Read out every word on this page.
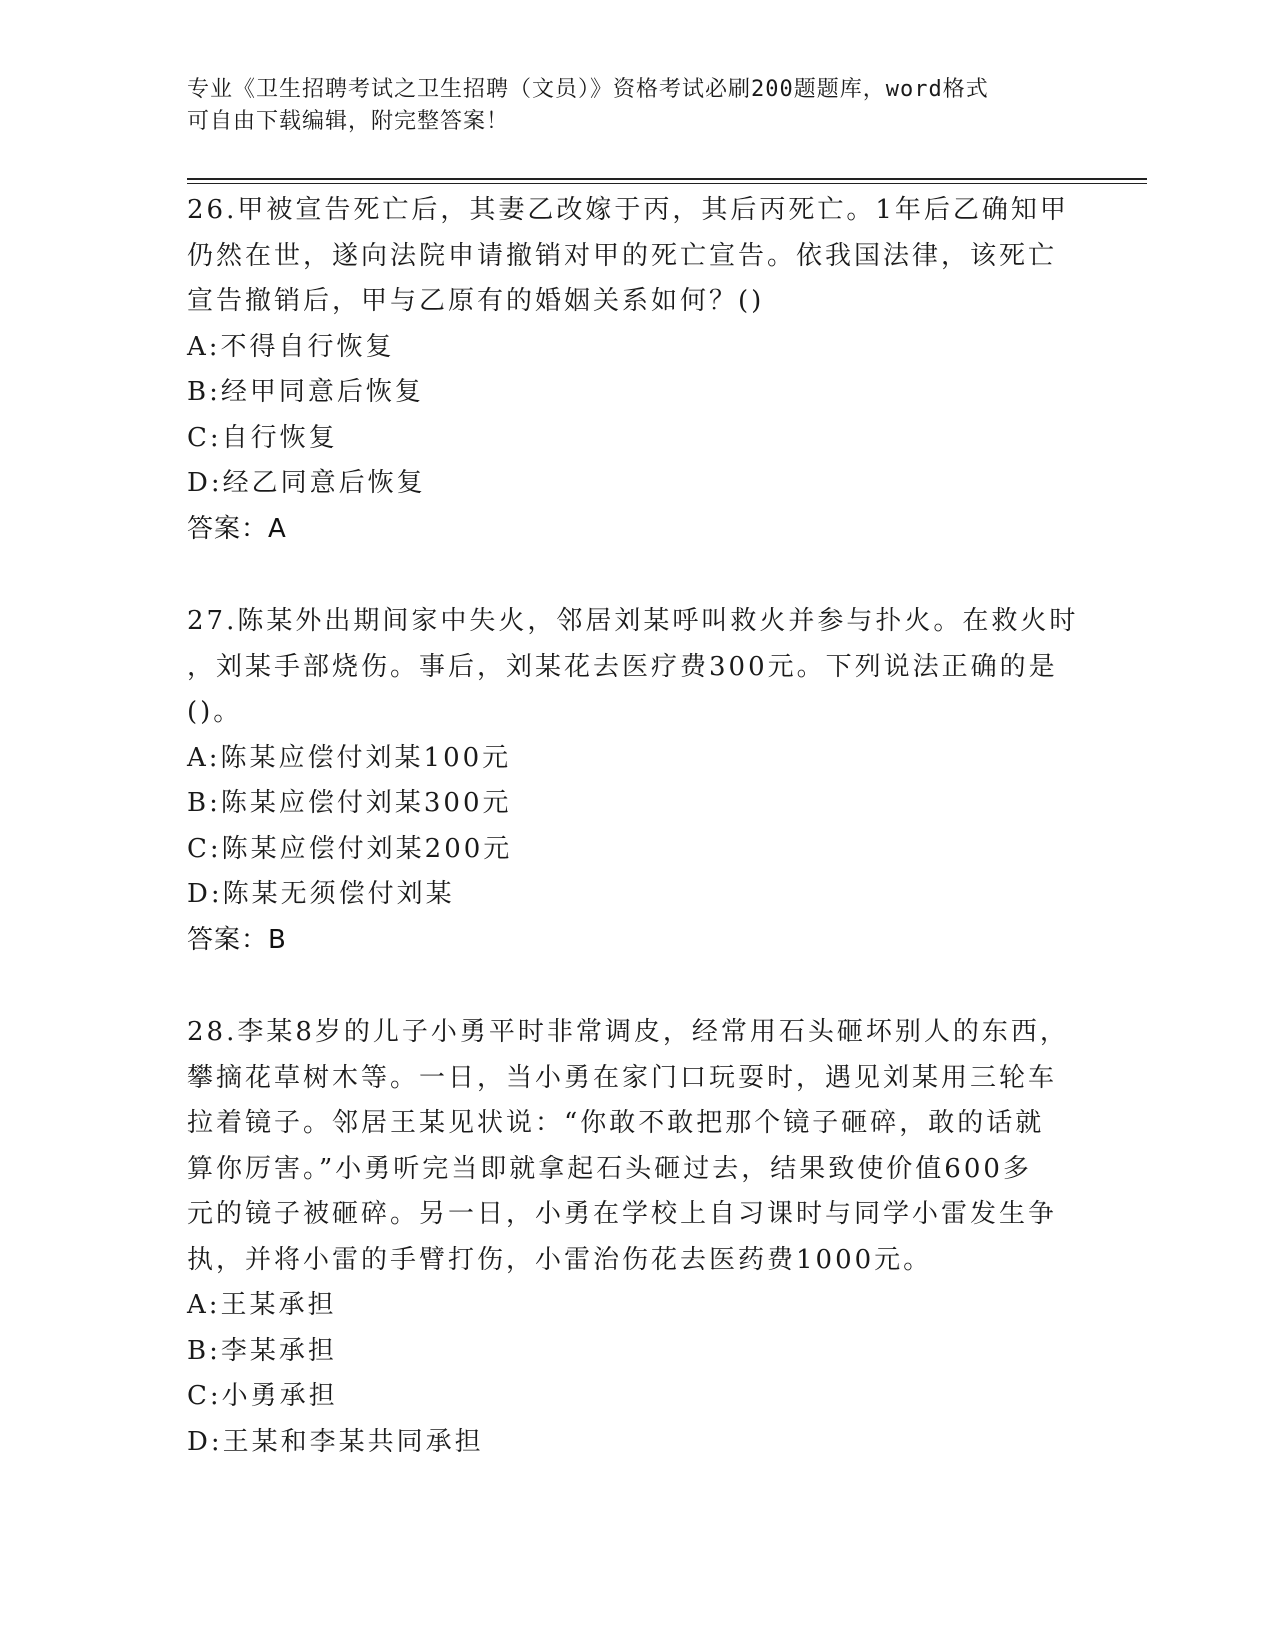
专业《卫生招聘考试之卫生招聘（文员）》资格考试必刷200题题库，word格式
可自由下载编辑，附完整答案！

26.甲被宣告死亡后，其妻乙改嫁于丙，其后丙死亡。1年后乙确知甲

仍然在世，遂向法院申请撤销对甲的死亡宣告。依我国法律，该死亡

宣告撤销后，甲与乙原有的婚姻关系如何？()

A:不得自行恢复

B:经甲同意后恢复

C:自行恢复

D:经乙同意后恢复

答案：A

27.陈某外出期间家中失火，邻居刘某呼叫救火并参与扑火。在救火时

，刘某手部烧伤。事后，刘某花去医疗费300元。下列说法正确的是

()。

A:陈某应偿付刘某100元

B:陈某应偿付刘某300元

C:陈某应偿付刘某200元

D:陈某无须偿付刘某

答案：B

28.李某8岁的儿子小勇平时非常调皮，经常用石头砸坏别人的东西，

攀摘花草树木等。一日，当小勇在家门口玩耍时，遇见刘某用三轮车

拉着镜子。邻居王某见状说：“你敢不敢把那个镜子砸碎，敢的话就

算你厉害。”小勇听完当即就拿起石头砸过去，结果致使价值600多

元的镜子被砸碎。另一日，小勇在学校上自习课时与同学小雷发生争

执，并将小雷的手臂打伤，小雷治伤花去医药费1000元。

A:王某承担

B:李某承担

C:小勇承担

D:王某和李某共同承担
